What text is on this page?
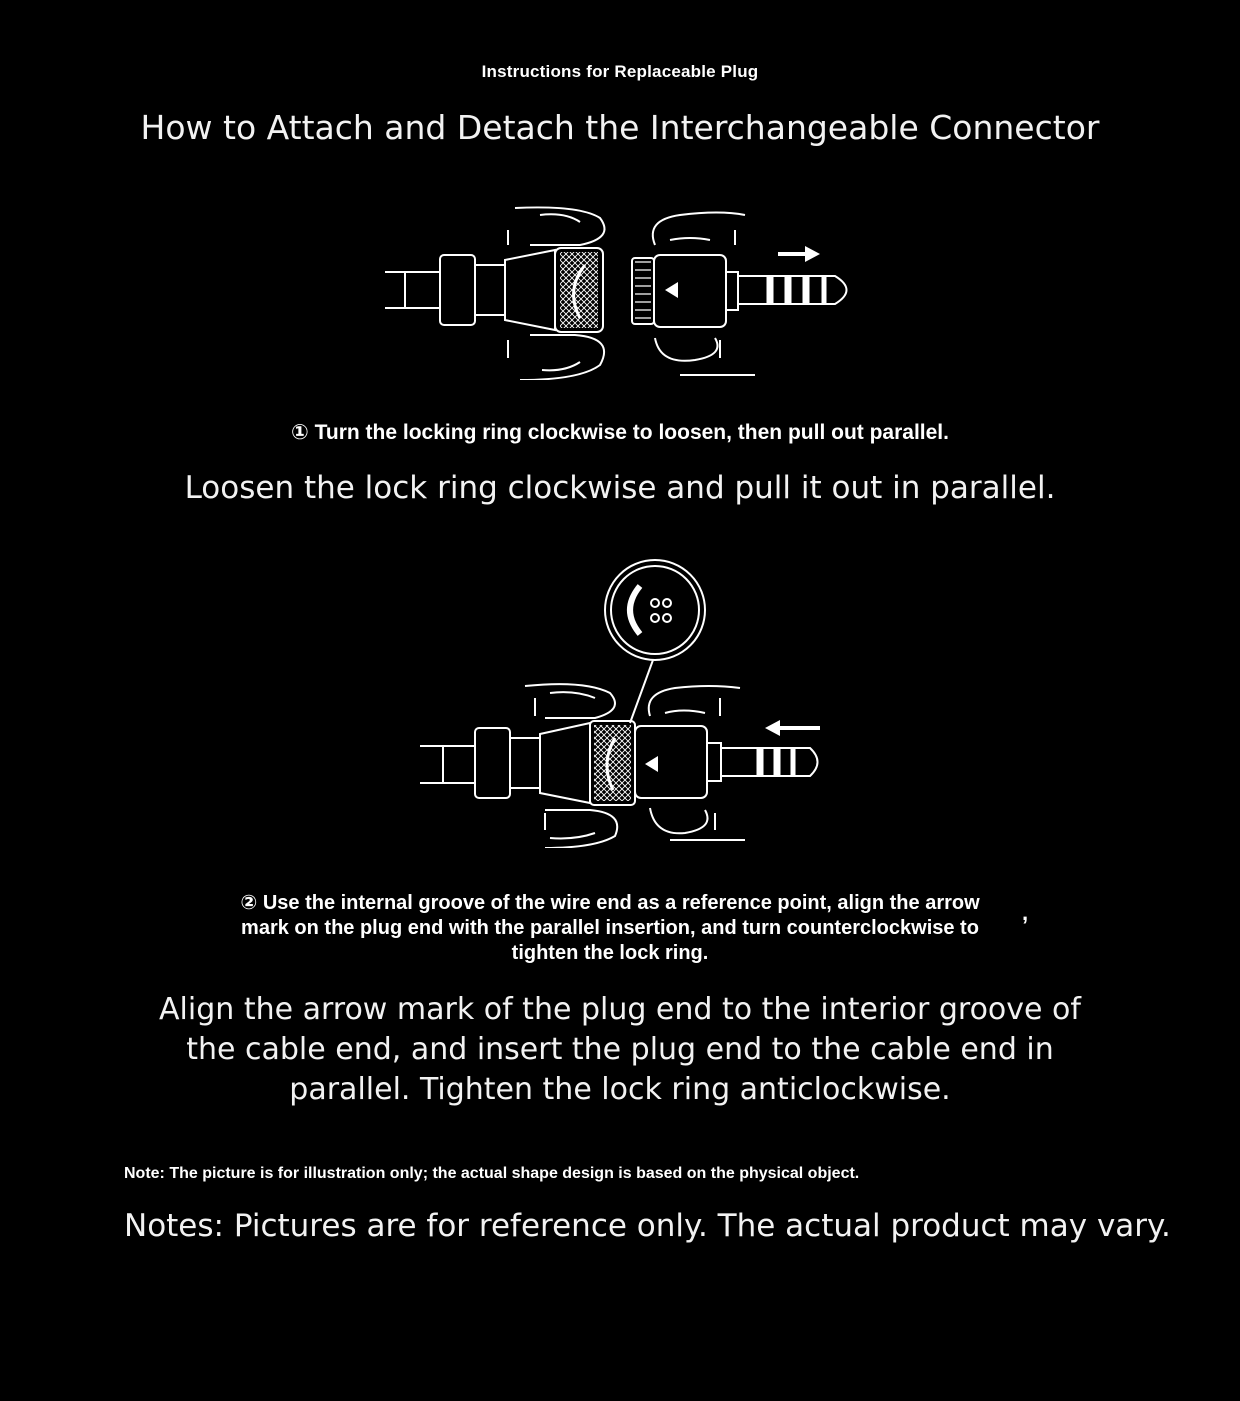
Instructions for Replaceable Plug
How to Attach and Detach the Interchangeable Connector
① Turn the locking ring clockwise to loosen, then pull out parallel.
Loosen the lock ring clockwise and pull it out in parallel.
② Use the internal groove of the wire end as a reference point, align the arrow
mark on the plug end with the parallel insertion, and turn counterclockwise to
tighten the lock ring.
,
Align the arrow mark of the plug end to the interior groove of
the cable end, and insert the plug end to the cable end in
parallel. Tighten the lock ring anticlockwise.
Note: The picture is for illustration only; the actual shape design is based on the physical object.
Notes: Pictures are for reference only. The actual product may vary.
